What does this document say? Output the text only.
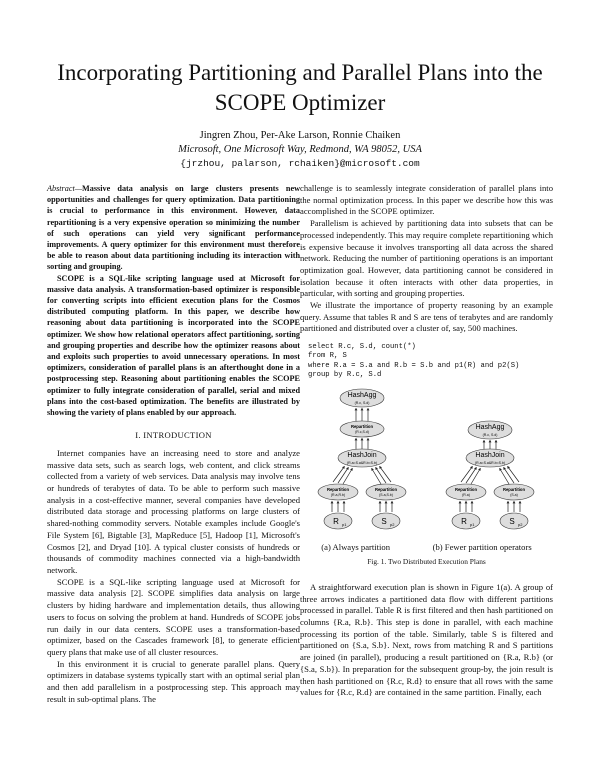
Incorporating Partitioning and Parallel Plans into the SCOPE Optimizer
Jingren Zhou, Per-Ake Larson, Ronnie Chaiken
Microsoft, One Microsoft Way, Redmond, WA 98052, USA
{jrzhou, palarson, rchaiken}@microsoft.com

Abstract—Massive data analysis on large clusters presents new opportunities and challenges for query optimization. Data partitioning is crucial to performance in this environment. However, data repartitioning is a very expensive operation so minimizing the number of such operations can yield very significant performance improvements. A query optimizer for this environment must therefore be able to reason about data partitioning including its interaction with sorting and grouping.

SCOPE is a SQL-like scripting language used at Microsoft for massive data analysis. A transformation-based optimizer is responsible for converting scripts into efficient execution plans for the Cosmos distributed computing platform. In this paper, we describe how reasoning about data partitioning is incorporated into the SCOPE optimizer. We show how relational operators affect partitioning, sorting and grouping properties and describe how the optimizer reasons about and exploits such properties to avoid unnecessary operations. In most optimizers, consideration of parallel plans is an afterthought done in a postprocessing step. Reasoning about partitioning enables the SCOPE optimizer to fully integrate consideration of parallel, serial and mixed plans into the cost-based optimization. The benefits are illustrated by showing the variety of plans enabled by our approach.

I. INTRODUCTION

Internet companies have an increasing need to store and analyze massive data sets, such as search logs, web content, and click streams collected from a variety of web services. Data analysis may involve tens or hundreds of terabytes of data. To be able to perform such massive analysis in a cost-effective manner, several companies have developed distributed data storage and processing platforms on large clusters of shared-nothing commodity servers. Notable examples include Google's File System [6], Bigtable [3], MapReduce [5], Hadoop [1], Microsoft's Cosmos [2], and Dryad [10]. A typical cluster consists of hundreds or thousands of commodity machines connected via a high-bandwidth network.

SCOPE is a SQL-like scripting language used at Microsoft for massive data analysis [2]. SCOPE simplifies data analysis on large clusters by hiding hardware and implementation details, thus allowing users to focus on solving the problem at hand. Hundreds of SCOPE jobs run daily in our data centers. SCOPE uses a transformation-based optimizer, based on the Cascades framework [8], to generate efficient query plans that make use of all cluster resources.

In this environment it is crucial to generate parallel plans. Query optimizers in database systems typically start with an optimal serial plan and then add parallelism in a postprocessing step. This approach may result in sub-optimal plans. The

challenge is to seamlessly integrate consideration of parallel plans into the normal optimization process. In this paper we describe how this was accomplished in the SCOPE optimizer.

Parallelism is achieved by partitioning data into subsets that can be processed independently. This may require complete repartitioning which is expensive because it involves transporting all data across the shared network. Reducing the number of partitioning operations is an important optimization goal. However, data partitioning cannot be considered in isolation because it often interacts with other data properties, in particular, with sorting and grouping properties.

We illustrate the importance of property reasoning by an example query. Assume that tables R and S are tens of terabytes and are randomly partitioned and distributed over a cluster of, say, 500 machines.

select R.c, S.d, count(*)
from R, S
where R.a = S.a and R.b = S.b and p1(R) and p2(S)
group by R.c, S.d
HashAgg
(R.c, S.d)
Repartition
(R.c,S.d)
HashJoin
(R.a=S.a&R.b=S.b)
Repartition
(R.a,R.b)
Repartition
(S.a,S.b)
R p1	S p2
HashAgg
(R.c, S.d)
HashJoin
(R.a=S.a&R.b=S.b)
Repartition
(R.a)
Repartition
(S.a)
R p1	S p2
(a) Always partition	(b) Fewer partition operators

Fig. 1. Two Distributed Execution Plans

A straightforward execution plan is shown in Figure 1(a). A group of three arrows indicates a partitioned data flow with different partitions processed in parallel. Table R is first filtered and then hash partitioned on columns {R.a, R.b}. This step is done in parallel, with each machine processing its portion of the table. Similarly, table S is filtered and partitioned on {S.a, S.b}. Next, rows from matching R and S partitions are joined (in parallel), producing a result partitioned on {R.a, R.b} (or {S.a, S.b}). In preparation for the subsequent group-by, the join result is then hash partitioned on {R.c, R.d} to ensure that all rows with the same values for {R.c, R.d} are contained in the same partition. Finally, each
